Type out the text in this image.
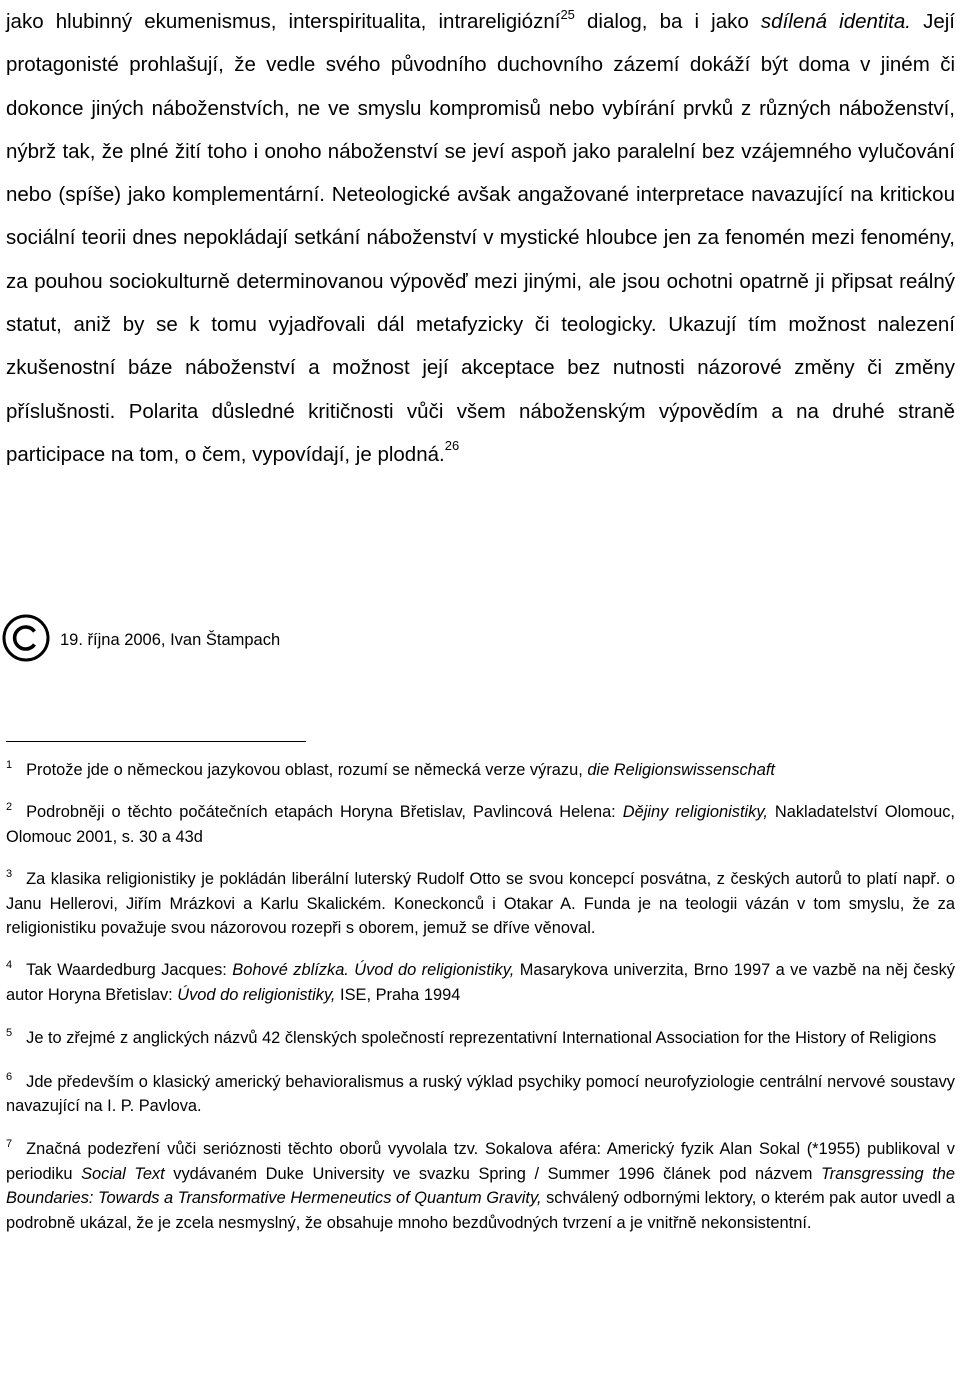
jako hlubinný ekumenismus, interspiritualita, intrareligiózní$^{25}$ dialog, ba i jako sdílená identita. Její protagonisté prohlašují, že vedle svého původního duchovního zázemí dokáží být doma v jiném či dokonce jiných náboženstvích, ne ve smyslu kompromisů nebo vybírání prvků z různých náboženství, nýbrž tak, že plné žití toho i onoho náboženství se jeví aspoň jako paralelní bez vzájemného vylučování nebo (spíše) jako komplementární. Neteologické avšak angažované interpretace navazující na kritickou sociální teorii dnes nepokládají setkání náboženství v mystické hloubce jen za fenomén mezi fenomény, za pouhou sociokulturně determinovanou výpověď mezi jinými, ale jsou ochotni opatrně ji připsat reálný statut, aniž by se k tomu vyjadřovali dál metafyzicky či teologicky. Ukazují tím možnost nalezení zkušenostní báze náboženství a možnost její akceptace bez nutnosti názorové změny či změny příslušnosti. Polarita důsledné kritičnosti vůči všem náboženským výpovědím a na druhé straně participace na tom, o čem, vypovídají, je plodná.$^{26}$

19. října 2006, Ivan Štampach

$^1$ Protože jde o německou jazykovou oblast, rozumí se německá verze výrazu, die Religionswissenschaft

$^2$ Podrobněji o těchto počátečních etapách Horyna Břetislav, Pavlincová Helena: Dějiny religionistiky, Nakladatelství Olomouc, Olomouc 2001, s. 30 a 43d

$^3$ Za klasika religionistiky je pokládán liberální luterský Rudolf Otto se svou koncepcí posvátna, z českých autorů to platí např. o Janu Hellerovi, Jiřím Mrázkovi a Karlu Skalickém. Koneckonců i Otakar A. Funda je na teologii vázán v tom smyslu, že za religionistiku považuje svou názorovou rozepři s oborem, jemuž se dříve věnoval.

$^4$ Tak Waardedburg Jacques: Bohové zblízka. Úvod do religionistiky, Masarykova univerzita, Brno 1997 a ve vazbě na něj český autor Horyna Břetislav: Úvod do religionistiky, ISE, Praha 1994

$^5$ Je to zřejmé z anglických názvů 42 členských společností reprezentativní International Association for the History of Religions

$^6$ Jde především o klasický americký behavioralismus a ruský výklad psychiky pomocí neurofyziologie centrální nervové soustavy navazující na I. P. Pavlova.

$^7$ Značná podezření vůči serióznosti těchto oborů vyvolala tzv. Sokalova aféra: Americký fyzik Alan Sokal (*1955) publikoval v periodiku Social Text vydávaném Duke University ve svazku Spring / Summer 1996 článek pod názvem Transgressing the Boundaries: Towards a Transformative Hermeneutics of Quantum Gravity, schválený odbornými lektory, o kterém pak autor uvedl a podrobně ukázal, že je zcela nesmyslný, že obsahuje mnoho bezdůvodných tvrzení a je vnitřně nekonsistentní.
